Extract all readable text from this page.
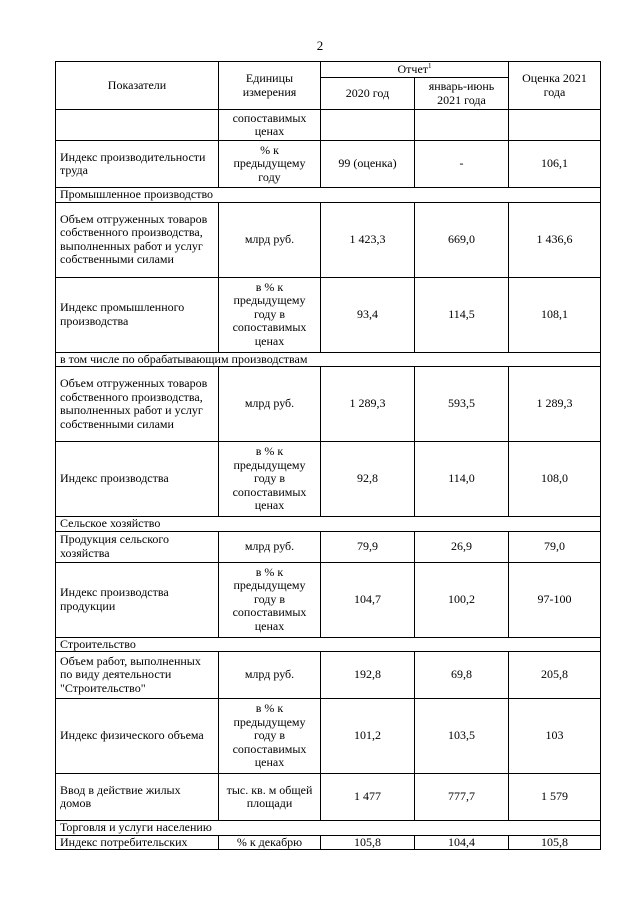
2
Показатели	Единицы измерения	Отчет$^1$		Оценка 2021 года
		2020 год	январь-июнь 2021 года	
	сопоставимых ценах			
Индекс производительности труда	% к предыдущему году	99 (оценка)	-	106,1
Промышленное производство				
Объем отгруженных товаров собственного производства, выполненных работ и услуг собственными силами	млрд руб.	1 423,3	669,0	1 436,6
Индекс промышленного производства	в % к предыдущему году в сопоставимых ценах	93,4	114,5	108,1
в том числе по обрабатывающим производствам				
Объем отгруженных товаров собственного производства, выполненных работ и услуг собственными силами	млрд руб.	1 289,3	593,5	1 289,3
Индекс производства	в % к предыдущему году в сопоставимых ценах	92,8	114,0	108,0
Сельское хозяйство				
Продукция сельского хозяйства	млрд руб.	79,9	26,9	79,0
Индекс производства продукции	в % к предыдущему году в сопоставимых ценах	104,7	100,2	97-100
Строительство				
Объем работ, выполненных по виду деятельности "Строительство"	млрд руб.	192,8	69,8	205,8
Индекс физического объема	в % к предыдущему году в сопоставимых ценах	101,2	103,5	103
Ввод в действие жилых домов	тыс. кв. м общей площади	1 477	777,7	1 579
Торговля и услуги населению				
Индекс потребительских	% к декабрю	105,8	104,4	105,8
